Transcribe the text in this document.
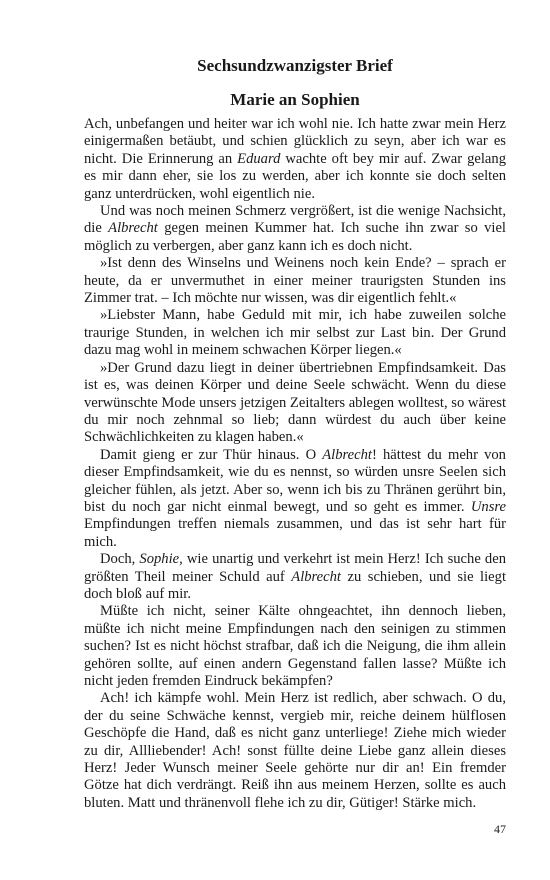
Sechsundzwanzigster Brief
Marie an Sophien

Ach, unbefangen und heiter war ich wohl nie. Ich hatte zwar mein Herz einigermaßen betäubt, und schien glücklich zu seyn, aber ich war es nicht. Die Erinnerung an Eduard wachte oft bey mir auf. Zwar gelang es mir dann eher, sie los zu werden, aber ich konnte sie doch selten ganz unterdrücken, wohl eigentlich nie.

Und was noch meinen Schmerz vergrößert, ist die wenige Nachsicht, die Albrecht gegen meinen Kummer hat. Ich suche ihn zwar so viel möglich zu verbergen, aber ganz kann ich es doch nicht.

»Ist denn des Winselns und Weinens noch kein Ende? – sprach er heute, da er unvermuthet in einer meiner traurigsten Stunden ins Zimmer trat. – Ich möchte nur wissen, was dir eigentlich fehlt.«

»Liebster Mann, habe Geduld mit mir, ich habe zuweilen solche traurige Stunden, in welchen ich mir selbst zur Last bin. Der Grund dazu mag wohl in meinem schwachen Körper liegen.«

»Der Grund dazu liegt in deiner übertriebnen Empfindsamkeit. Das ist es, was deinen Körper und deine Seele schwächt. Wenn du diese verwünschte Mode unsers jetzigen Zeitalters ablegen wolltest, so wärest du mir noch zehnmal so lieb; dann würdest du auch über keine Schwächlichkeiten zu klagen haben.«

Damit gieng er zur Thür hinaus. O Albrecht! hättest du mehr von dieser Empfindsamkeit, wie du es nennst, so würden unsre Seelen sich gleicher fühlen, als jetzt. Aber so, wenn ich bis zu Thränen gerührt bin, bist du noch gar nicht einmal bewegt, und so geht es immer. Unsre Empfindungen treffen niemals zusammen, und das ist sehr hart für mich.

Doch, Sophie, wie unartig und verkehrt ist mein Herz! Ich suche den größten Theil meiner Schuld auf Albrecht zu schieben, und sie liegt doch bloß auf mir.

Müßte ich nicht, seiner Kälte ohngeachtet, ihn dennoch lieben, müßte ich nicht meine Empfindungen nach den seinigen zu stimmen suchen? Ist es nicht höchst strafbar, daß ich die Neigung, die ihm allein gehören sollte, auf einen andern Gegenstand fallen lasse? Müßte ich nicht jeden fremden Eindruck bekämpfen?

Ach! ich kämpfe wohl. Mein Herz ist redlich, aber schwach. O du, der du seine Schwäche kennst, vergieb mir, reiche deinem hülflosen Geschöpfe die Hand, daß es nicht ganz unterliege! Ziehe mich wieder zu dir, Allliebender! Ach! sonst füllte deine Liebe ganz allein dieses Herz! Jeder Wunsch meiner Seele gehörte nur dir an! Ein fremder Götze hat dich verdrängt. Reiß ihn aus meinem Herzen, sollte es auch bluten. Matt und thränenvoll flehe ich zu dir, Gütiger! Stärke mich.

47
